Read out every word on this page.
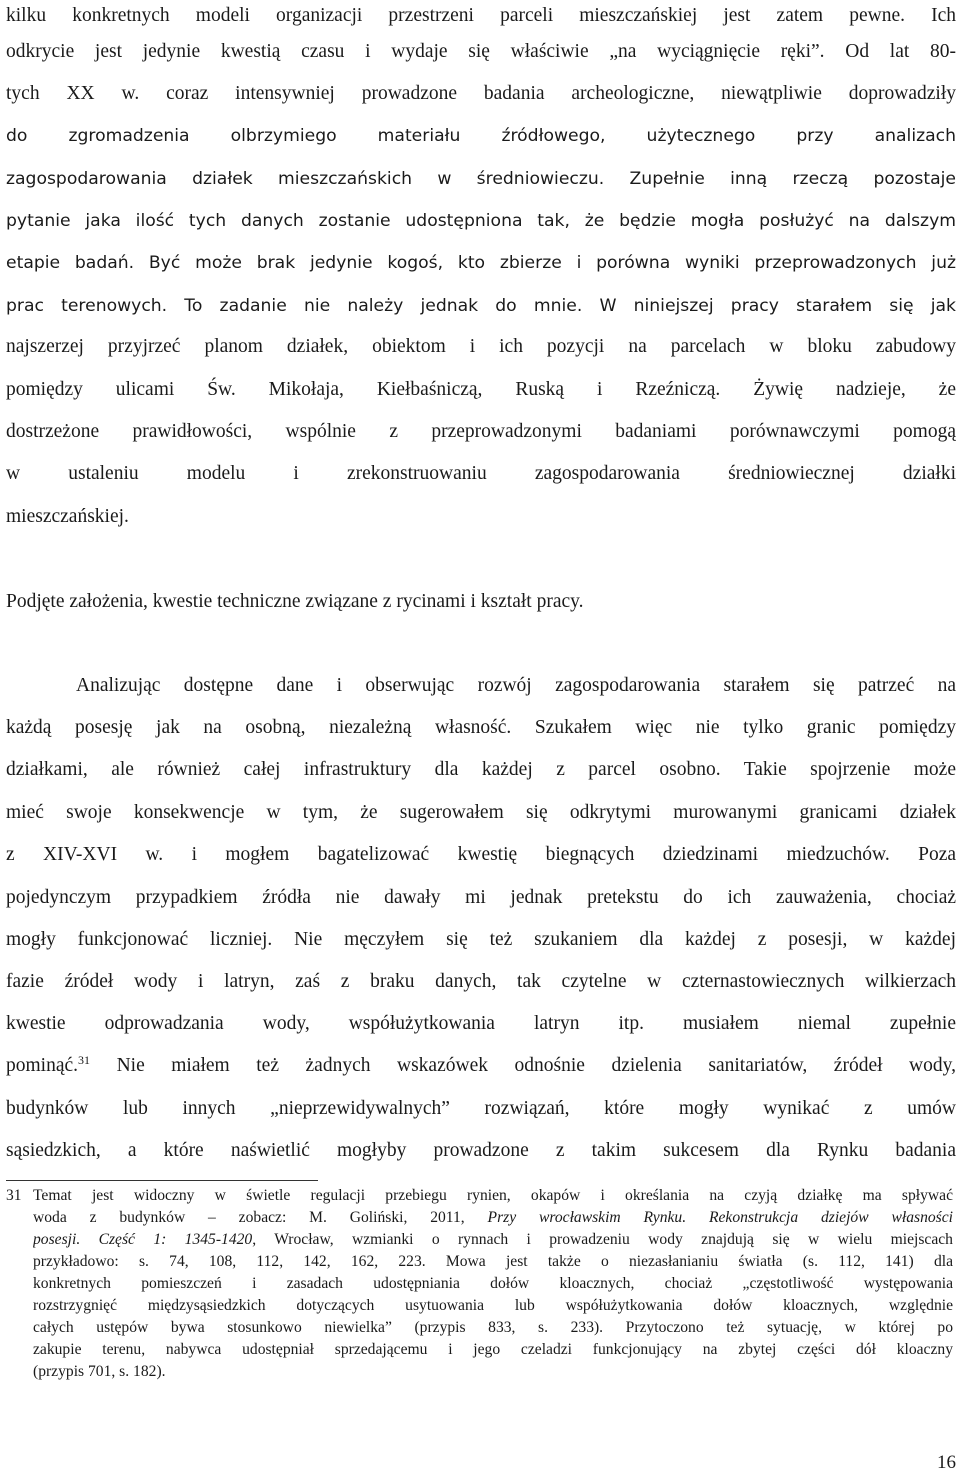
kilku konkretnych modeli organizacji przestrzeni parceli mieszczańskiej jest zatem pewne. Ich
odkrycie jest jedynie kwestią czasu i wydaje się właściwie „na wyciągnięcie ręki”. Od lat 80-
tych XX w. coraz intensywniej prowadzone badania archeologiczne, niewątpliwie doprowadziły
do zgromadzenia olbrzymiego materiału źródłowego, użytecznego przy analizach
zagospodarowania działek mieszczańskich w średniowieczu. Zupełnie inną rzeczą pozostaje
pytanie jaka ilość tych danych zostanie udostępniona tak, że będzie mogła posłużyć na dalszym
etapie badań. Być może brak jedynie kogoś, kto zbierze i porówna wyniki przeprowadzonych już
prac terenowych. To zadanie nie należy jednak do mnie. W niniejszej pracy starałem się jak
najszerzej przyjrzeć planom działek, obiektom i ich pozycji na parcelach w bloku zabudowy
pomiędzy ulicami Św. Mikołaja, Kiełbaśniczą, Ruską i Rzeźniczą. Żywię nadzieje, że
dostrzeżone prawidłowości, wspólnie z przeprowadzonymi badaniami porównawczymi pomogą
w ustaleniu modelu i zrekonstruowaniu zagospodarowania średniowiecznej działki
mieszczańskiej.
Podjęte założenia, kwestie techniczne związane z rycinami i kształt pracy.
Analizując dostępne dane i obserwując rozwój zagospodarowania starałem się patrzeć na
każdą posesję jak na osobną, niezależną własność. Szukałem więc nie tylko granic pomiędzy
działkami, ale również całej infrastruktury dla każdej z parcel osobno. Takie spojrzenie może
mieć swoje konsekwencje w tym, że sugerowałem się odkrytymi murowanymi granicami działek
z XIV-XVI w. i mogłem bagatelizować kwestię biegnących dziedzinami miedzuchów. Poza
pojedynczym przypadkiem źródła nie dawały mi jednak pretekstu do ich zauważenia, chociaż
mogły funkcjonować liczniej. Nie męczyłem się też szukaniem dla każdej z posesji, w każdej
fazie źródeł wody i latryn, zaś z braku danych, tak czytelne w czternastowiecznych wilkierzach
kwestie odprowadzania wody, współużytkowania latryn itp. musiałem niemal zupełnie
pominąć.$^{31}$ Nie miałem też żadnych wskazówek odnośnie dzielenia sanitariatów, źródeł wody,
budynków lub innych „nieprzewidywalnych” rozwiązań, które mogły wynikać z umów
sąsiedzkich, a które naświetlić mogłyby prowadzone z takim sukcesem dla Rynku badania
31 Temat jest widoczny w świetle regulacji przebiegu rynien, okapów i określania na czyją działkę ma spływać
woda z budynków – zobacz: M. Goliński, 2011, Przy wrocławskim Rynku. Rekonstrukcja dziejów własności
posesji. Część 1: 1345-1420, Wrocław, wzmianki o rynnach i prowadzeniu wody znajdują się w wielu miejscach
przykładowo: s. 74, 108, 112, 142, 162, 223. Mowa jest także o niezasłanianiu światła (s. 112, 141) dla
konkretnych pomieszczeń i zasadach udostępniania dołów kloacznych, chociaż „częstotliwość występowania
rozstrzygnięć międzysąsiedzkich dotyczących usytuowania lub współużytkowania dołów kloacznych, względnie
całych ustępów bywa stosunkowo niewielka” (przypis 833, s. 233). Przytoczono też sytuację, w której po
zakupie terenu, nabywca udostępniał sprzedającemu i jego czeladzi funkcjonujący na zbytej części dół kloaczny
(przypis 701, s. 182).
16
